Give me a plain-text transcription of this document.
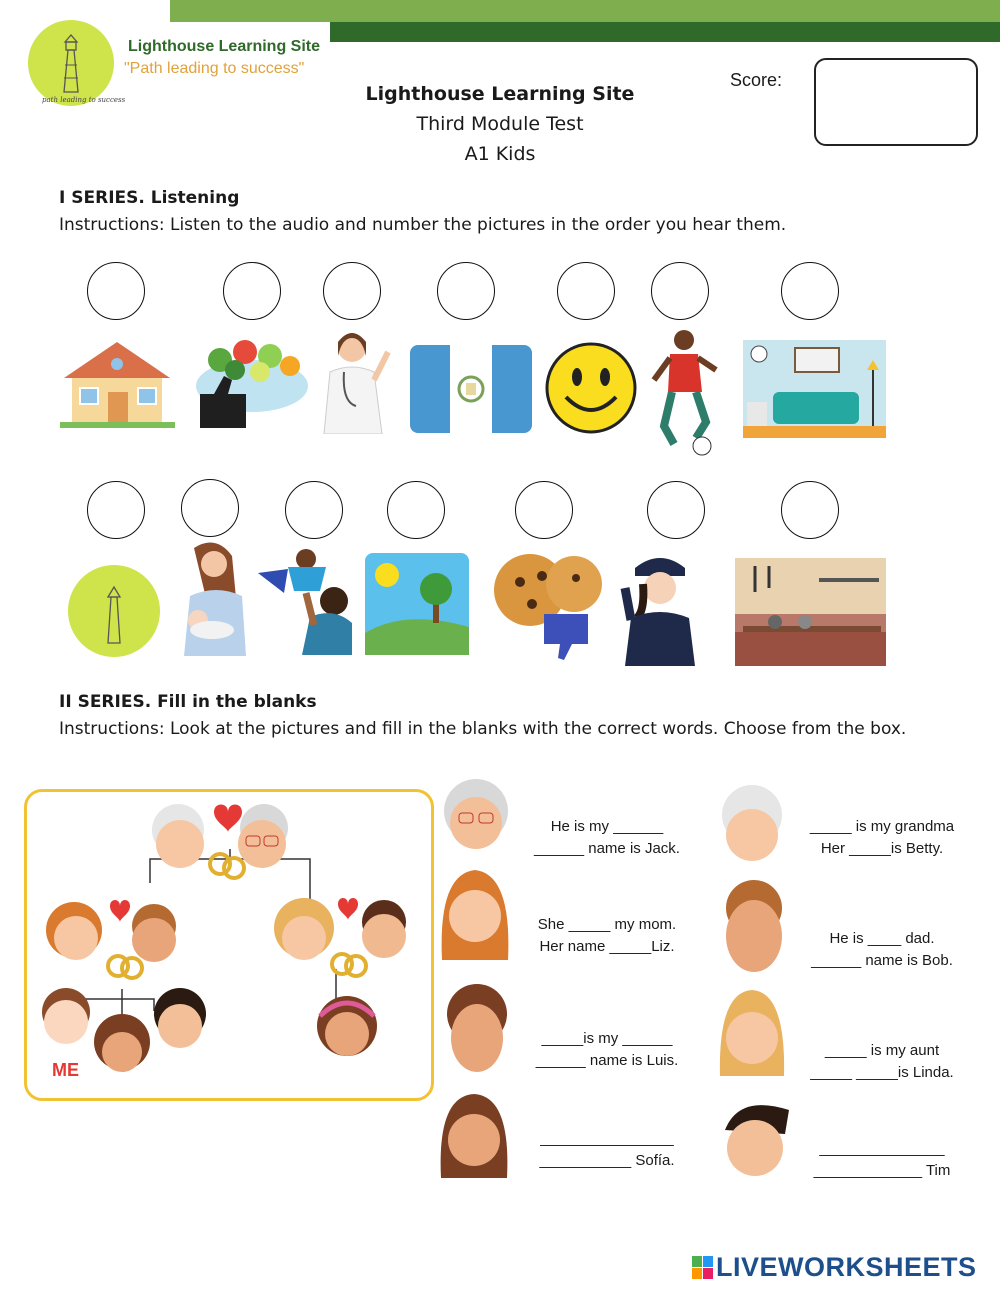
Lighthouse Learning Site
"Path leading to success"
path leading to success	Lighthouse Learning Site
Third Module Test
A1 Kids
Score:
I SERIES. Listening
Instructions: Listen to the audio and number the pictures in the order you hear them.
II SERIES. Fill in the blanks
Instructions: Look at the pictures and fill in the blanks with the correct words. Choose from the box.
ME
He is my ______
______ name is Jack.
She _____ my mom.
Her name _____Liz.
_____is my ______
______ name is Luis.
________________
___________ Sofía.
_____ is my grandma
Her _____is Betty.
He is ____ dad.
______ name is Bob.
_____ is my aunt
_____ _____is Linda.
_______________
_____________ Tim
LIVEWORKSHEETS
